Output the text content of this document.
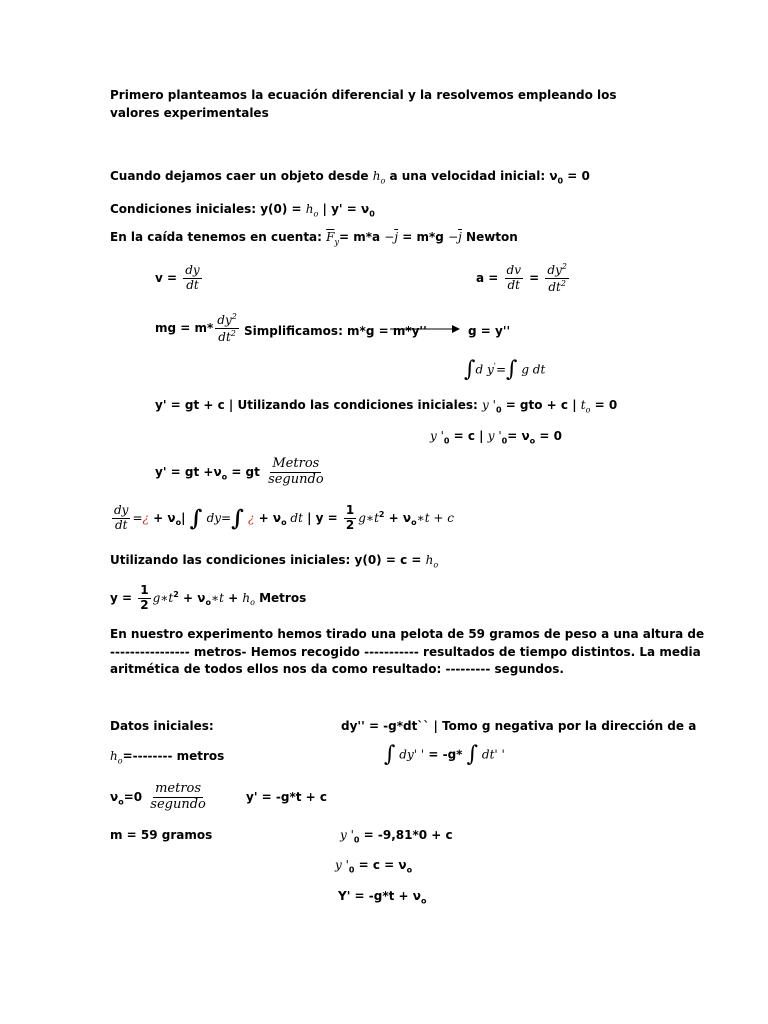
Primero planteamos la ecuación diferencial y la resolvemos empleando los valores experimentales
Cuando dejamos caer un objeto desde $h_o$ a una velocidad inicial: $\nu_0 = 0$
Condiciones iniciales: $y(0) = h_o$ | $y' = \nu_0$
En la caída tenemos en cuenta: $\overline{F}_y= m*a -\overline{j} = m*g -\overline{j}$ Newton
$v = \frac{dy}{dt}$	$a = \frac{dv}{dt} = \frac{dy^2}{dt^2}$
mg = $m* \frac{dy^2}{dt^2}$ Simplificamos: m*g = m*y''	g = y''
∫d y'=∫ g dt
y' = gt + c | Utilizando las condiciones iniciales: y '$_0$ = gto + c | $t_o = 0$
y '$_0 = c$ | y '$_0= \nu_o = 0$
y' = gt $+\nu_o$ = gt $\frac{\text{Metros}}{\text{segundo}}$
$\frac{dy}{dt}$ =¿ + $\nu_o|$ ∫ dy=∫ ¿ + $\nu_o$ dt | $y = \frac{1}{2}$ $g∗t^2$ + $\nu_o∗t + c$
Utilizando las condiciones iniciales: $y(0) = c = h_o$
$y = \frac{1}{2}$ $g∗t^2$ + $\nu_o∗t + h_o$ Metros
En nuestro experimento hemos tirado una pelota de 59 gramos de peso a una altura de
---------------- metros- Hemos recogido ----------- resultados de tiempo distintos. La media
aritmética de todos ellos nos da como resultado: --------- segundos.
Datos iniciales:	dy'' = -g*dt`` | Tomo g negativa por la dirección de a
$h_o=--------$ metros	∫ dy' ' = -g* ∫ dt' '
$\nu_o=0 \frac{\text{metros}}{\text{segundo}}$	y' = -g*t + c
m = 59 gramos	y '$_0 = -9,81*0 + c$
y '$_0 = c = \nu_o$
$Y' = -g*t + \nu_o$
